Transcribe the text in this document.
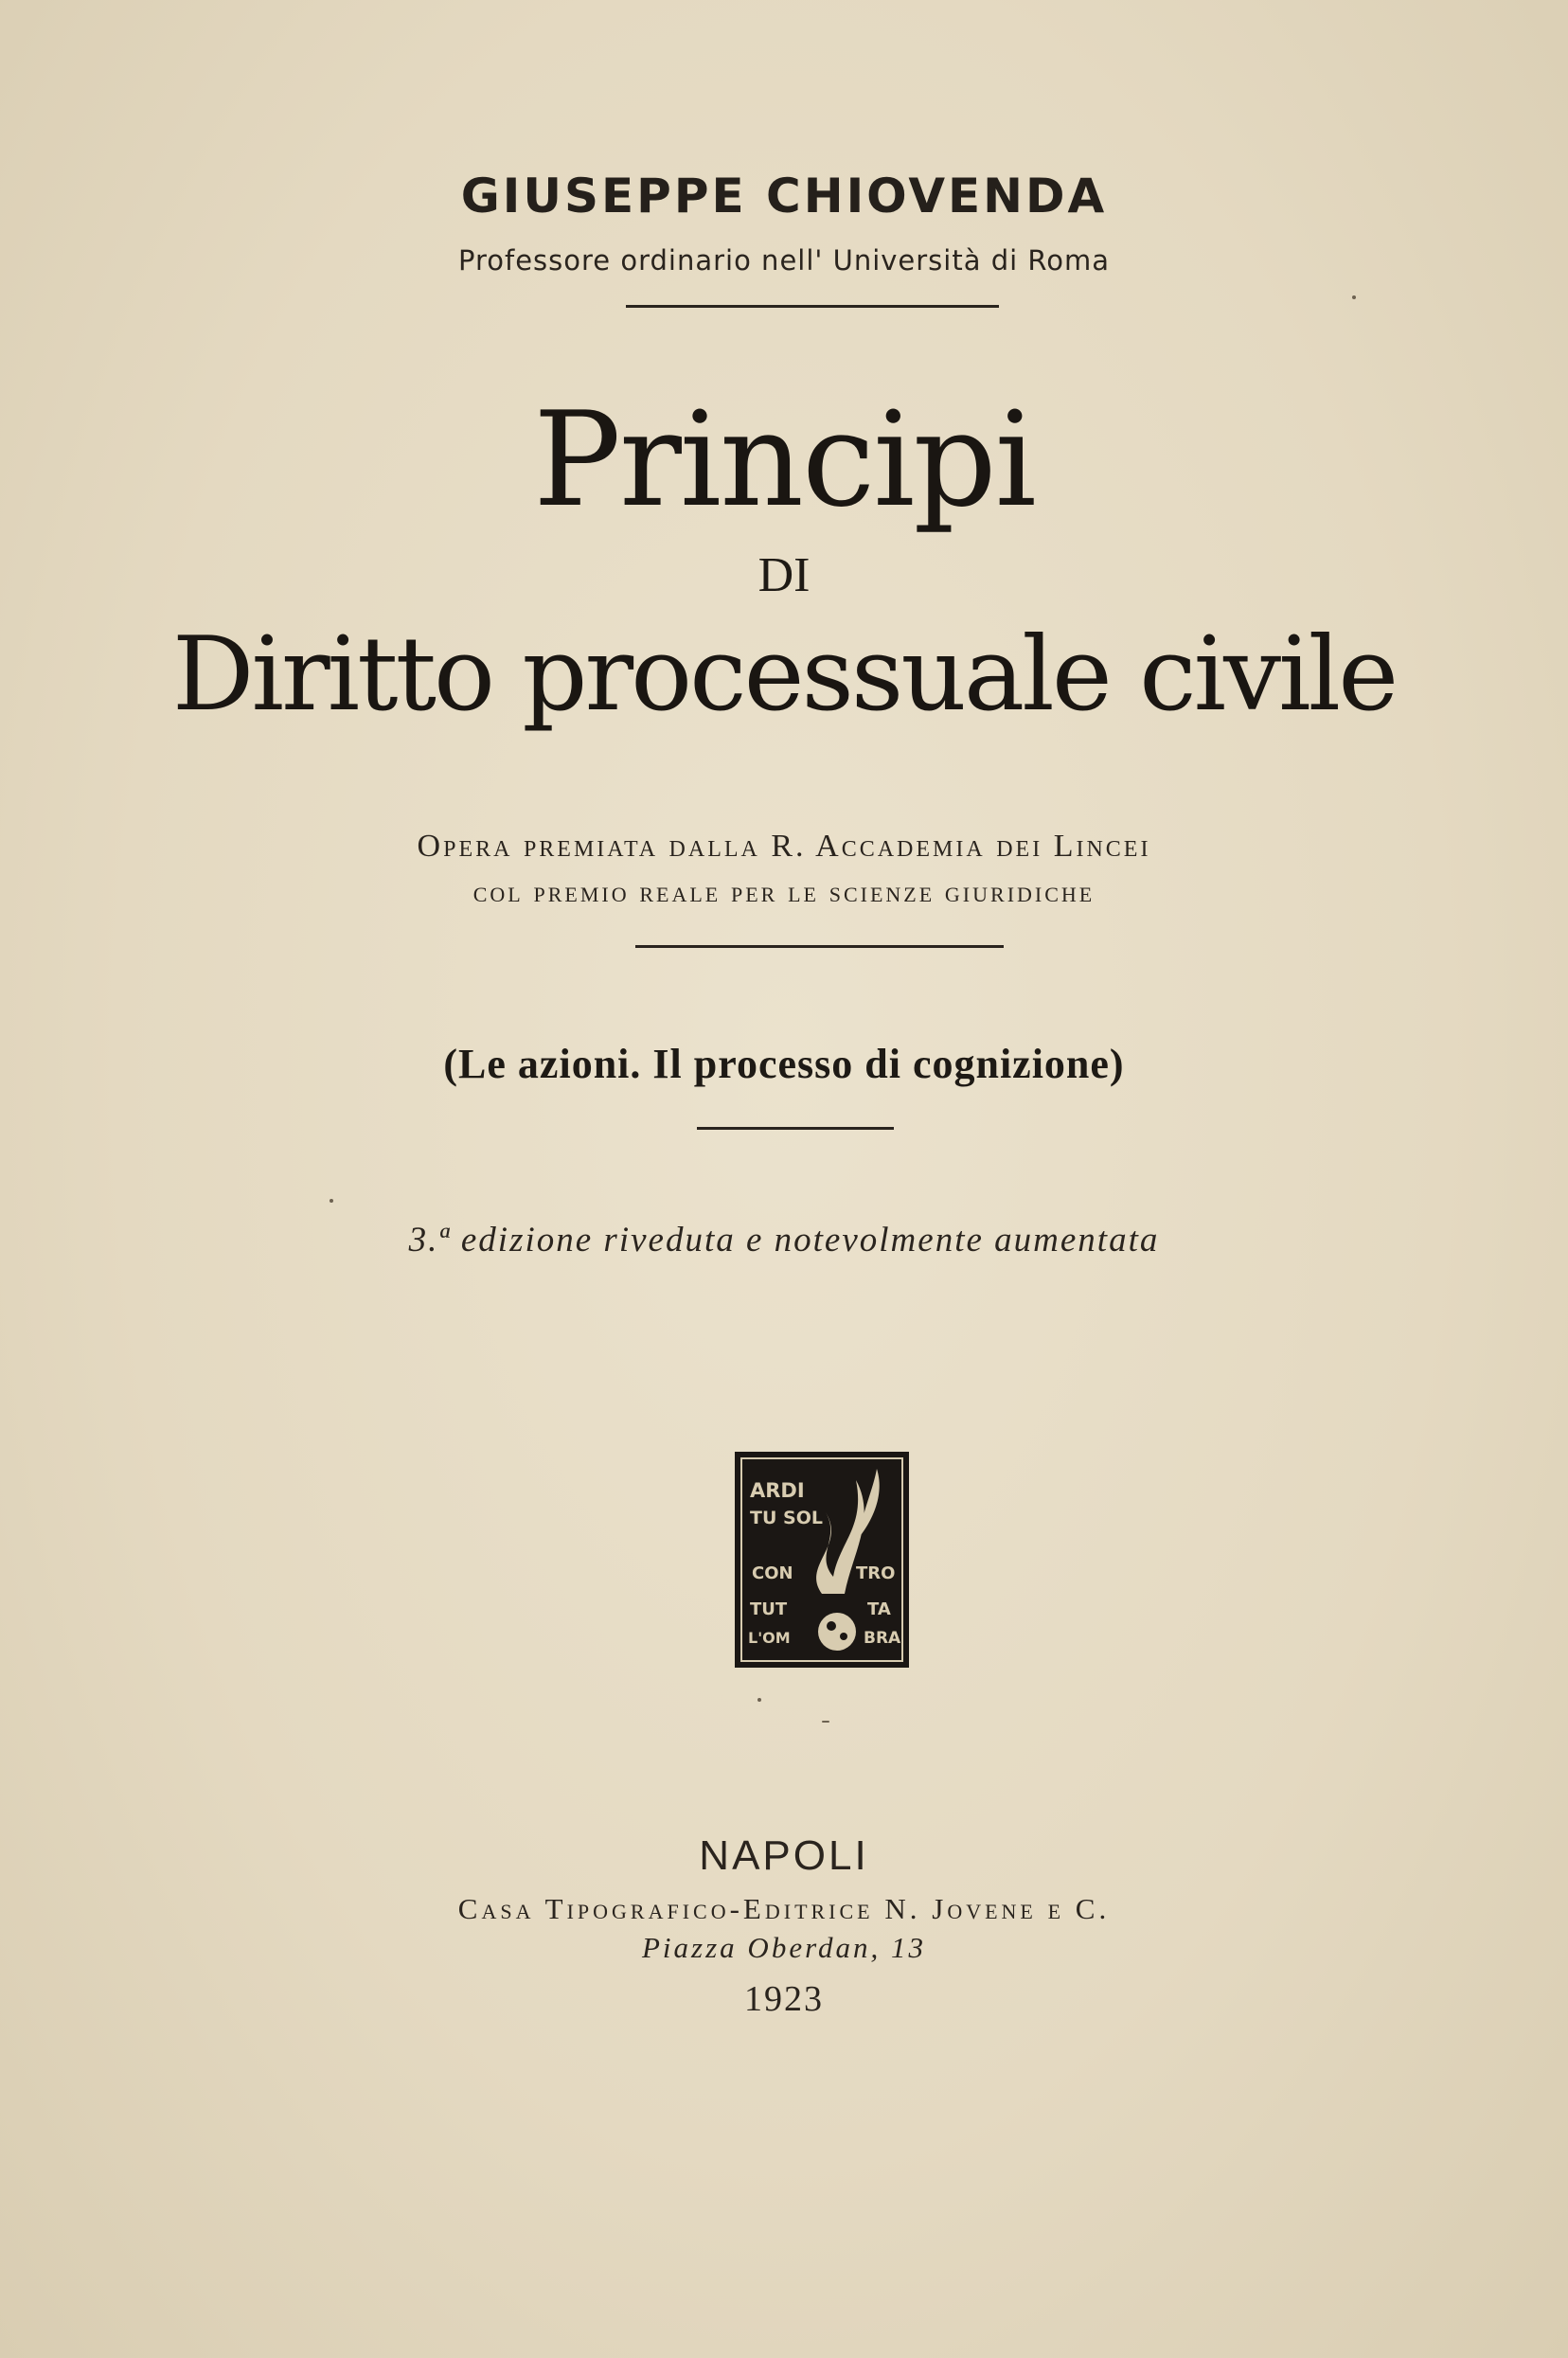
GIUSEPPE CHIOVENDA
Professore ordinario nell' Università di Roma
Principi
DI
Diritto processuale civile
Opera premiata dalla R. Accademia dei Lincei
col premio reale per le scienze giuridiche
(Le azioni. Il processo di cognizione)
3.ª edizione riveduta e notevolmente aumentata
ARDI
TU SOL
CON	TRO
TUT	TA
L'OM	BRA
NAPOLI
Casa Tipografico-Editrice N. Jovene e C.
Piazza Oberdan, 13
1923
